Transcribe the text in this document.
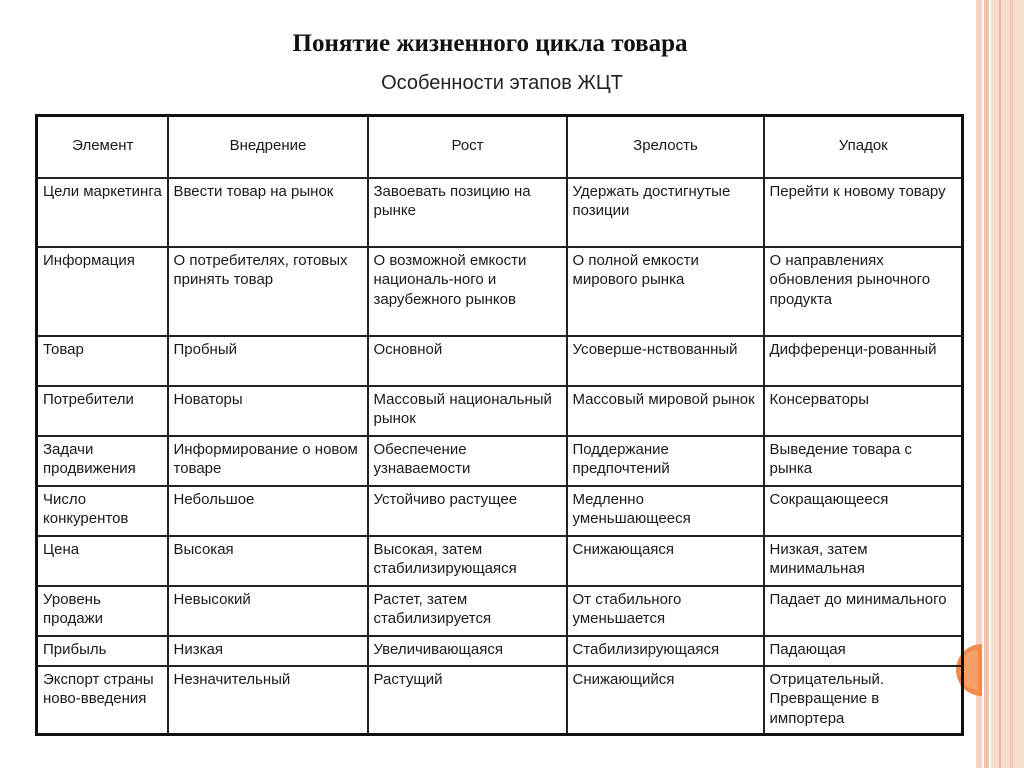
Понятие жизненного цикла товара
Особенности этапов ЖЦТ
Элемент	Внедрение	Рост	Зрелость	Упадок
Цели маркетинга	Ввести товар на рынок	Завоевать позицию на рынке	Удержать достигнутые позиции	Перейти к новому товару
Информация	О потребителях, готовых принять товар	О возможной емкости националь-ного и зарубежного рынков	О полной емкости мирового рынка	О направлениях обновления рыночного продукта
Товар	Пробный	Основной	Усоверше-нствованный	Дифференци-рованный
Потребители	Новаторы	Массовый национальный рынок	Массовый мировой рынок	Консерваторы
Задачи продвижения	Информирование о новом товаре	Обеспечение узнаваемости	Поддержание предпочтений	Выведение товара с рынка
Число конкурентов	Небольшое	Устойчиво растущее	Медленно уменьшающееся	Сокращающееся
Цена	Высокая	Высокая, затем стабилизирующаяся	Снижающаяся	Низкая, затем минимальная
Уровень продажи	Невысокий	Растет, затем стабилизируется	От стабильного уменьшается	Падает до минимального
Прибыль	Низкая	Увеличивающаяся	Стабилизирующаяся	Падающая
Экспорт страны ново-введения	Незначительный	Растущий	Снижающийся	Отрицательный. Превращение в импортера
